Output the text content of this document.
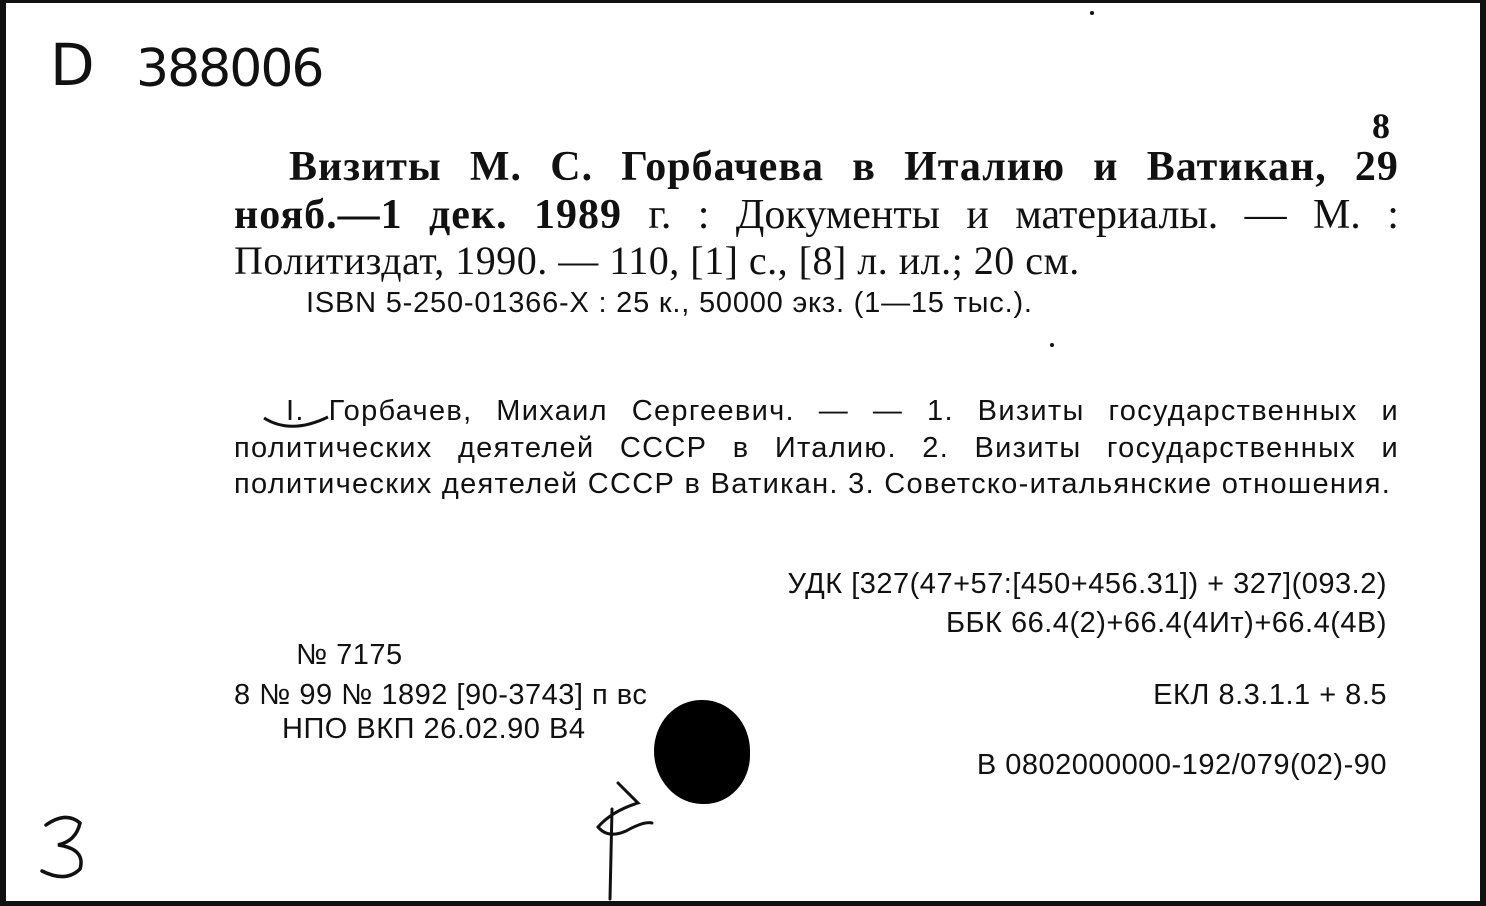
D 388006
8
Визиты М. С. Горбачева в Италию и Ватикан, 29
нояб.—1 дек. 1989 г. : Документы и материалы. — М. :
Политиздат, 1990. — 110, [1] с., [8] л. ил.; 20 см.
ISBN 5-250-01366-X : 25 к., 50000 экз. (1—15 тыс.).
I. Горбачев, Михаил Сергеевич. — — 1. Визиты государственных и политических деятелей СССР в Италию. 2. Визиты государственных и политических деятелей СССР в Ватикан. 3. Советско-итальянские отношения.
УДК [327(47+57:[450+456.31]) + 327](093.2)
ББК 66.4(2)+66.4(4Ит)+66.4(4В)
ЕКЛ 8.3.1.1 + 8.5
В 0802000000-192/079(02)-90
№ 7175
8 № 99 № 1892 [90-3743] п вс
НПО ВКП 26.02.90 В4
